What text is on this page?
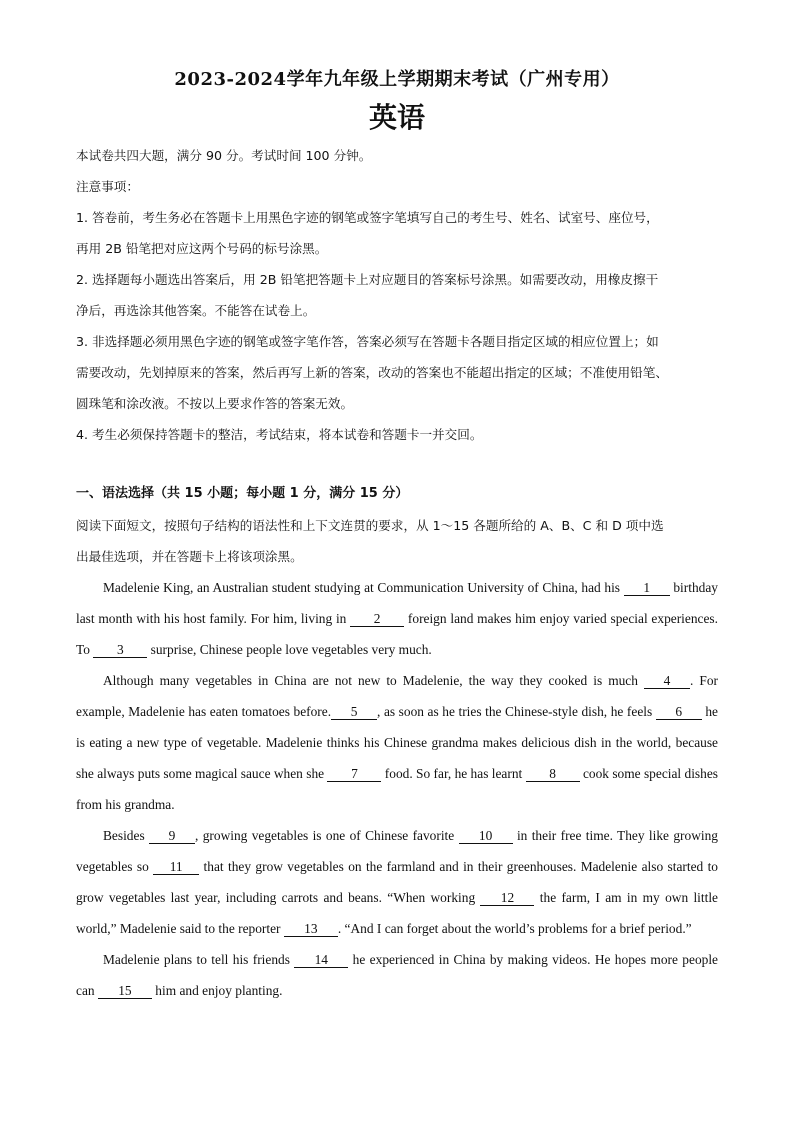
2023-2024学年九年级上学期期末考试（广州专用）
英语

本试卷共四大题，满分 90 分。考试时间 100 分钟。

注意事项：

1. 答卷前，考生务必在答题卡上用黑色字迹的钢笔或签字笔填写自己的考生号、姓名、试室号、座位号，

再用 2B 铅笔把对应这两个号码的标号涂黑。

2. 选择题每小题选出答案后，用 2B 铅笔把答题卡上对应题目的答案标号涂黑。如需要改动，用橡皮擦干

净后，再选涂其他答案。不能答在试卷上。

3. 非选择题必须用黑色字迹的钢笔或签字笔作答，答案必须写在答题卡各题目指定区域的相应位置上；如

需要改动，先划掉原来的答案，然后再写上新的答案，改动的答案也不能超出指定的区域；不准使用铅笔、

圆珠笔和涂改液。不按以上要求作答的答案无效。

4. 考生必须保持答题卡的整洁，考试结束，将本试卷和答题卡一并交回。

一、语法选择（共 15 小题；每小题 1 分，满分 15 分）

阅读下面短文，按照句子结构的语法性和上下文连贯的要求，从 1～15 各题所给的 A、B、C 和 D 项中选

出最佳选项，并在答题卡上将该项涂黑。

Madelenie King, an Australian student studying at Communication University of China, had his 1 birthday last month with his host family. For him, living in 2 foreign land makes him enjoy varied special experiences. To 3 surprise, Chinese people love vegetables very much.

Although many vegetables in China are not new to Madelenie, the way they cooked is much 4 . For example, Madelenie has eaten tomatoes before. 5 , as soon as he tries the Chinese-style dish, he feels 6 he is eating a new type of vegetable. Madelenie thinks his Chinese grandma makes delicious dish in the world, because she always puts some magical sauce when she 7 food. So far, he has learnt 8 cook some special dishes from his grandma.

Besides 9 , growing vegetables is one of Chinese favorite 10 in their free time. They like growing vegetables so 11 that they grow vegetables on the farmland and in their greenhouses. Madelenie also started to grow vegetables last year, including carrots and beans. “When working 12 the farm, I am in my own little world,” Madelenie said to the reporter 13 . “And I can forget about the world’s problems for a brief period.”

Madelenie plans to tell his friends 14 he experienced in China by making videos. He hopes more people can 15 him and enjoy planting.
